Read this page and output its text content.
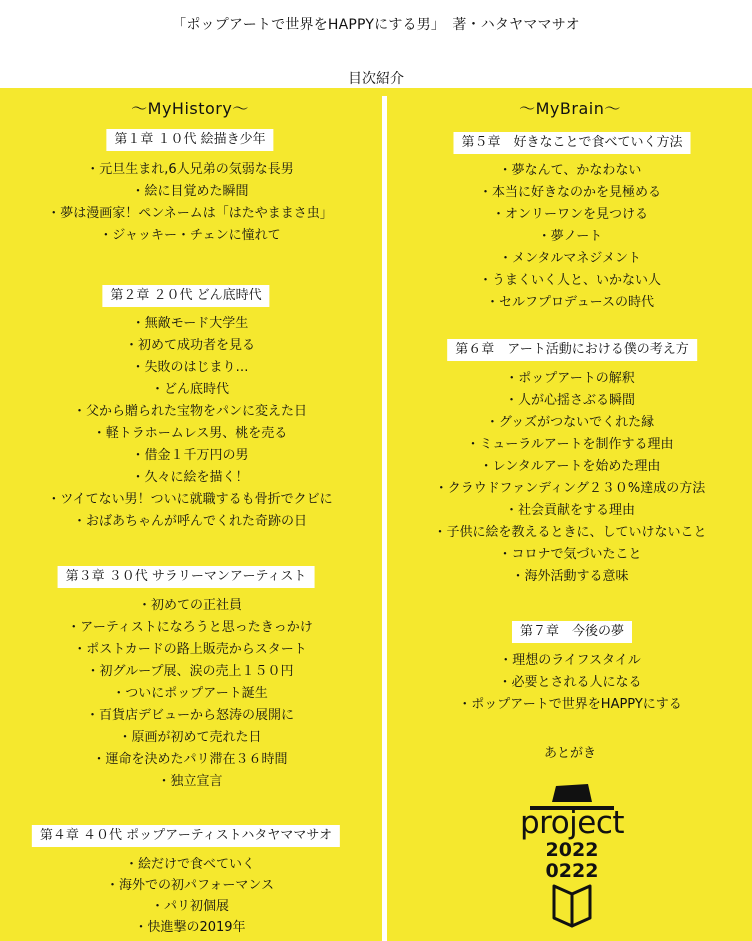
「ポップアートで世界をHAPPYにする男」　著・ハタヤママサオ
目次紹介
～MyHistory～
第１章 １０代 絵描き少年
・元旦生まれ,6人兄弟の気弱な長男
・絵に目覚めた瞬間
・夢は漫画家！ペンネームは「はたやままさ虫」
・ジャッキー・チェンに憧れて
第２章 ２０代 どん底時代
・無敵モード大学生
・初めて成功者を見る
・失敗のはじまり…
・どん底時代
・父から贈られた宝物をパンに変えた日
・軽トラホームレス男、桃を売る
・借金１千万円の男
・久々に絵を描く！
・ツイてない男！ついに就職するも骨折でクビに
・おばあちゃんが呼んでくれた奇跡の日
第３章 ３０代 サラリーマンアーティスト
・初めての正社員
・アーティストになろうと思ったきっかけ
・ポストカードの路上販売からスタート
・初グループ展、涙の売上１５０円
・ついにポップアート誕生
・百貨店デビューから怒涛の展開に
・原画が初めて売れた日
・運命を決めたパリ滞在３６時間
・独立宣言
第４章 ４０代 ポップアーティストハタヤママサオ
・絵だけで食べていく
・海外での初パフォーマンス
・パリ初個展
・快進撃の2019年
～MyBrain～
第５章　好きなことで食べていく方法
・夢なんて、かなわない
・本当に好きなのかを見極める
・オンリーワンを見つける
・夢ノート
・メンタルマネジメント
・うまくいく人と、いかない人
・セルフプロデュースの時代
第６章　アート活動における僕の考え方
・ポップアートの解釈
・人が心揺さぶる瞬間
・グッズがつないでくれた縁
・ミューラルアートを制作する理由
・レンタルアートを始めた理由
・クラウドファンディング２３０%達成の方法
・社会貢献をする理由
・子供に絵を教えるときに、していけないこと
・コロナで気づいたこと
・海外活動する意味
第７章　今後の夢
・理想のライフスタイル
・必要とされる人になる
・ポップアートで世界をHAPPYにする
あとがき
project
2022
0222
